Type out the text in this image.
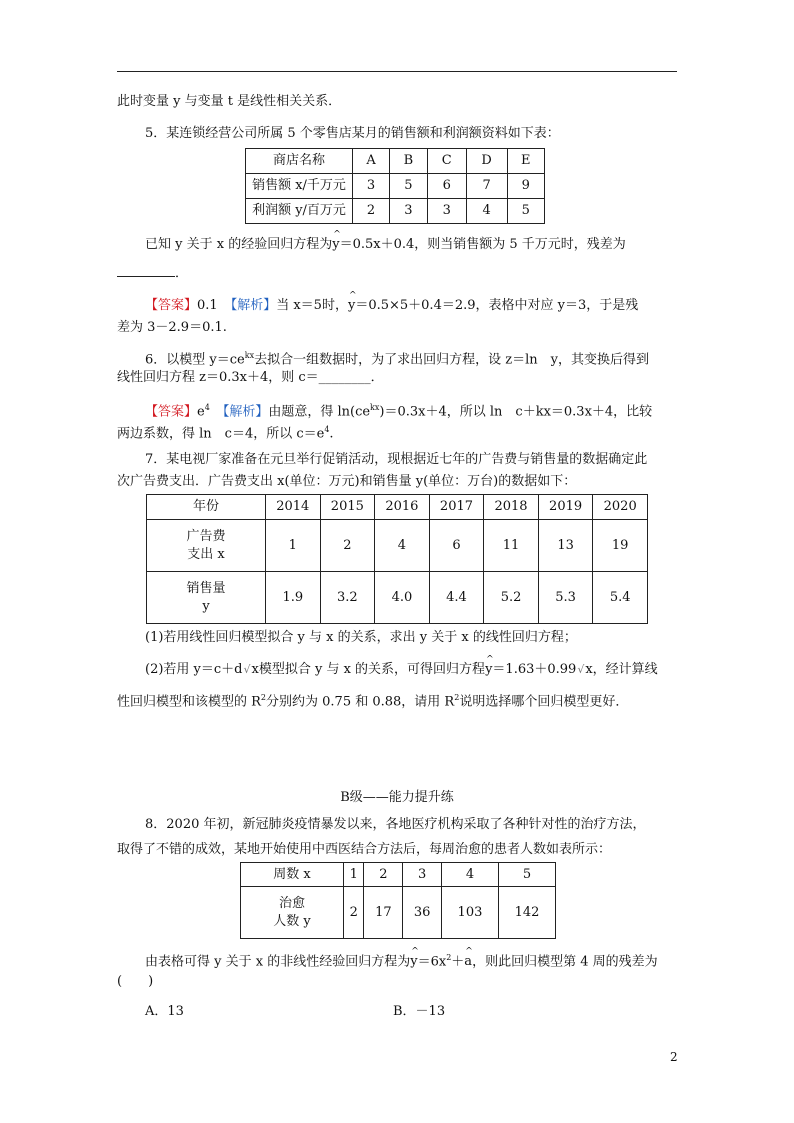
此时变量 y 与变量 t 是线性相关关系．
5．某连锁经营公司所属 5 个零售店某月的销售额和利润额资料如下表：
商店名称	A	B	C	D	E
销售额 x/千万元	3	5	6	7	9
利润额 y/百万元	2	3	3	4	5
已知 y 关于 x 的经验回归方程为^ y＝0.5x＋0.4，则当销售额为 5 千万元时，残差为
．
【答案】0.1　【解析】当 x＝5时，^ y＝0.5×5＋0.4＝2.9，表格中对应 y＝3，于是残
差为 3－2.9＝0.1.
6．以模型 $y=ce^{kx}$去拟合一组数据时，为了求出回归方程，设 z＝ln　y，其变换后得到
线性回归方程 z＝0.3x＋4，则 c＝________．
【答案】$e^4$　【解析】由题意，得 $\ln(ce^{kx})=0.3x+4$，所以 ln　c＋kx＝0.3x＋4，比较
两边系数，得 ln　c＝4，所以 $c=e^4$.
7．某电视厂家准备在元旦举行促销活动，现根据近七年的广告费与销售量的数据确定此
次广告费支出．广告费支出 x(单位：万元)和销售量 y(单位：万台)的数据如下：
年份	2014	2015	2016	2017	2018	2019	2020

广告费
支出 x	1	2	4	6	11	13	19

销售量
y	1.9	3.2	4.0	4.4	5.2	5.3	5.4
(1)若用线性回归模型拟合 y 与 x 的关系，求出 y 关于 x 的线性回归方程；
(2)若用 y＝c＋d√x模型拟合 y 与 x 的关系，可得回归方程^ y＝1.63＋0.99√x，经计算线
性回归模型和该模型的 $R^2$分别约为 0.75 和 0.88，请用 $R^2$说明选择哪个回归模型更好．
B级——能力提升练
8．2020 年初，新冠肺炎疫情暴发以来，各地医疗机构采取了各种针对性的治疗方法，
取得了不错的成效，某地开始使用中西医结合方法后，每周治愈的患者人数如表所示：
周数 x	1	2	3	4	5

治愈
人数 y	2	17	36	103	142
由表格可得 y 关于 x 的非线性经验回归方程为^ $y=6x^2+\^{}$ a，则此回归模型第 4 周的残差为
(　　)
A．13	B．－13
2
